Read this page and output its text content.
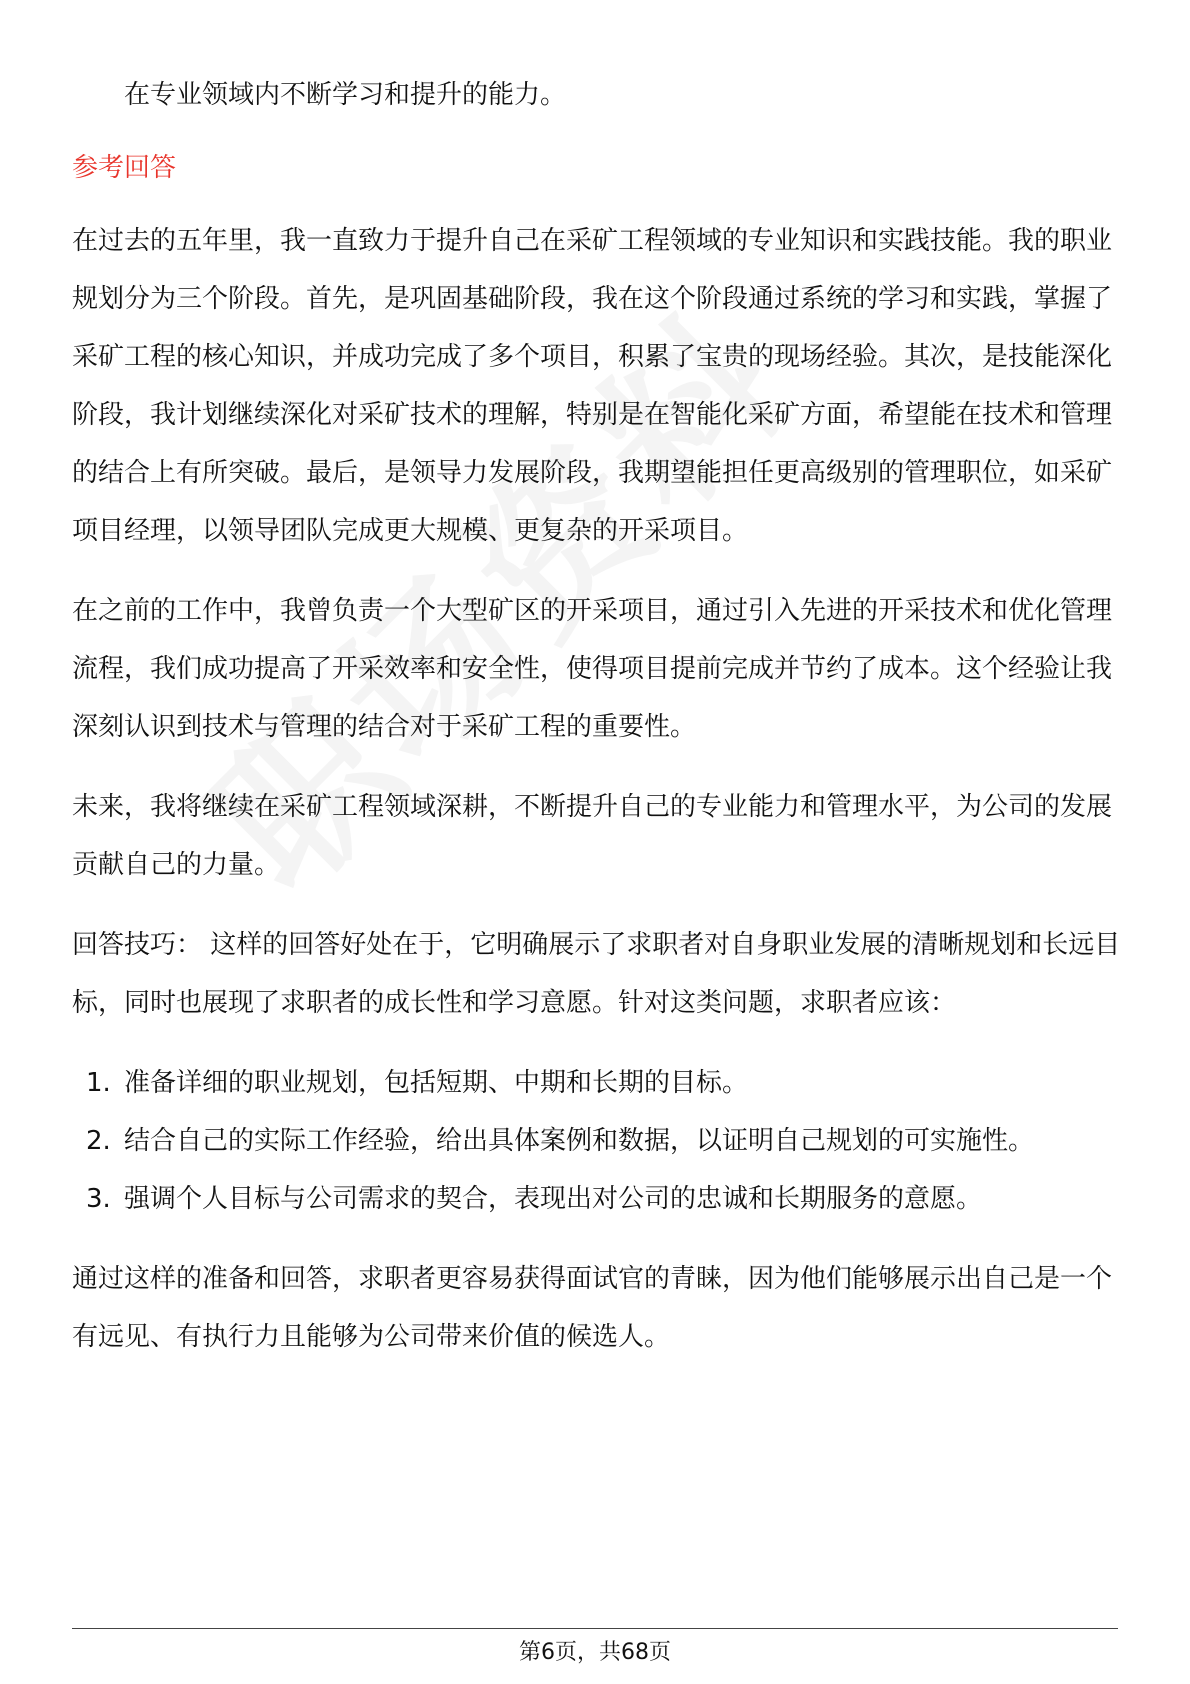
在专业领域内不断学习和提升的能力。

参考回答

在过去的五年里，我一直致力于提升自己在采矿工程领域的专业知识和实践技能。我的职业规划分为三个阶段。首先，是巩固基础阶段，我在这个阶段通过系统的学习和实践，掌握了采矿工程的核心知识，并成功完成了多个项目，积累了宝贵的现场经验。其次，是技能深化阶段，我计划继续深化对采矿技术的理解，特别是在智能化采矿方面，希望能在技术和管理的结合上有所突破。最后，是领导力发展阶段，我期望能担任更高级别的管理职位，如采矿项目经理，以领导团队完成更大规模、更复杂的开采项目。

在之前的工作中，我曾负责一个大型矿区的开采项目，通过引入先进的开采技术和优化管理流程，我们成功提高了开采效率和安全性，使得项目提前完成并节约了成本。这个经验让我深刻认识到技术与管理的结合对于采矿工程的重要性。

未来，我将继续在采矿工程领域深耕，不断提升自己的专业能力和管理水平，为公司的发展贡献自己的力量。

回答技巧： 这样的回答好处在于，它明确展示了求职者对自身职业发展的清晰规划和长远目标，同时也展现了求职者的成长性和学习意愿。针对这类问题，求职者应该：

1. 准备详细的职业规划，包括短期、中期和长期的目标。
2. 结合自己的实际工作经验，给出具体案例和数据，以证明自己规划的可实施性。
3. 强调个人目标与公司需求的契合，表现出对公司的忠诚和长期服务的意愿。

通过这样的准备和回答，求职者更容易获得面试官的青睐，因为他们能够展示出自己是一个有远见、有执行力且能够为公司带来价值的候选人。

第6页，共68页
